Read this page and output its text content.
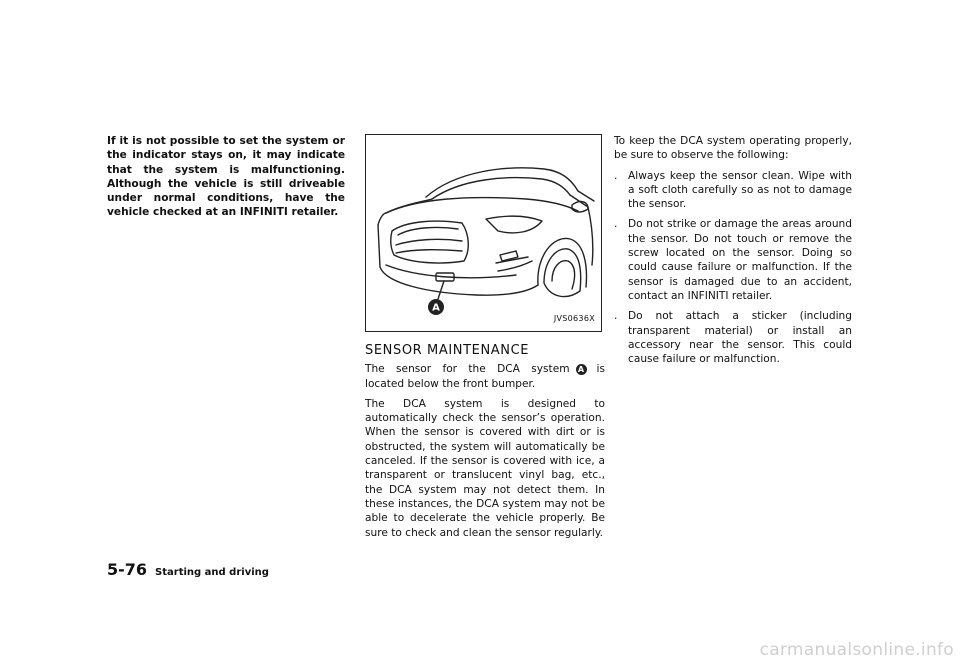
If it is not possible to set the system or the indicator stays on, it may indicate that the system is malfunctioning. Although the vehicle is still driveable under normal conditions, have the vehicle checked at an INFINITI retailer.
A
JVS0636X
SENSOR MAINTENANCE

The sensor for the DCA system A is located below the front bumper.

The DCA system is designed to automatically check the sensor’s operation. When the sensor is covered with dirt or is obstructed, the system will automatically be canceled. If the sensor is covered with ice, a transparent or translucent vinyl bag, etc., the DCA system may not detect them. In these instances, the DCA system may not be able to decelerate the vehicle properly. Be sure to check and clean the sensor regularly.

To keep the DCA system operating properly, be sure to observe the following:

. Always keep the sensor clean. Wipe with a soft cloth carefully so as not to damage the sensor.
. Do not strike or damage the areas around the sensor. Do not touch or remove the screw located on the sensor. Doing so could cause failure or malfunction. If the sensor is damaged due to an accident, contact an INFINITI retailer.
. Do not attach a sticker (including transparent material) or install an accessory near the sensor. This could cause failure or malfunction.
5-76 Starting and driving
carmanualsonline.info
